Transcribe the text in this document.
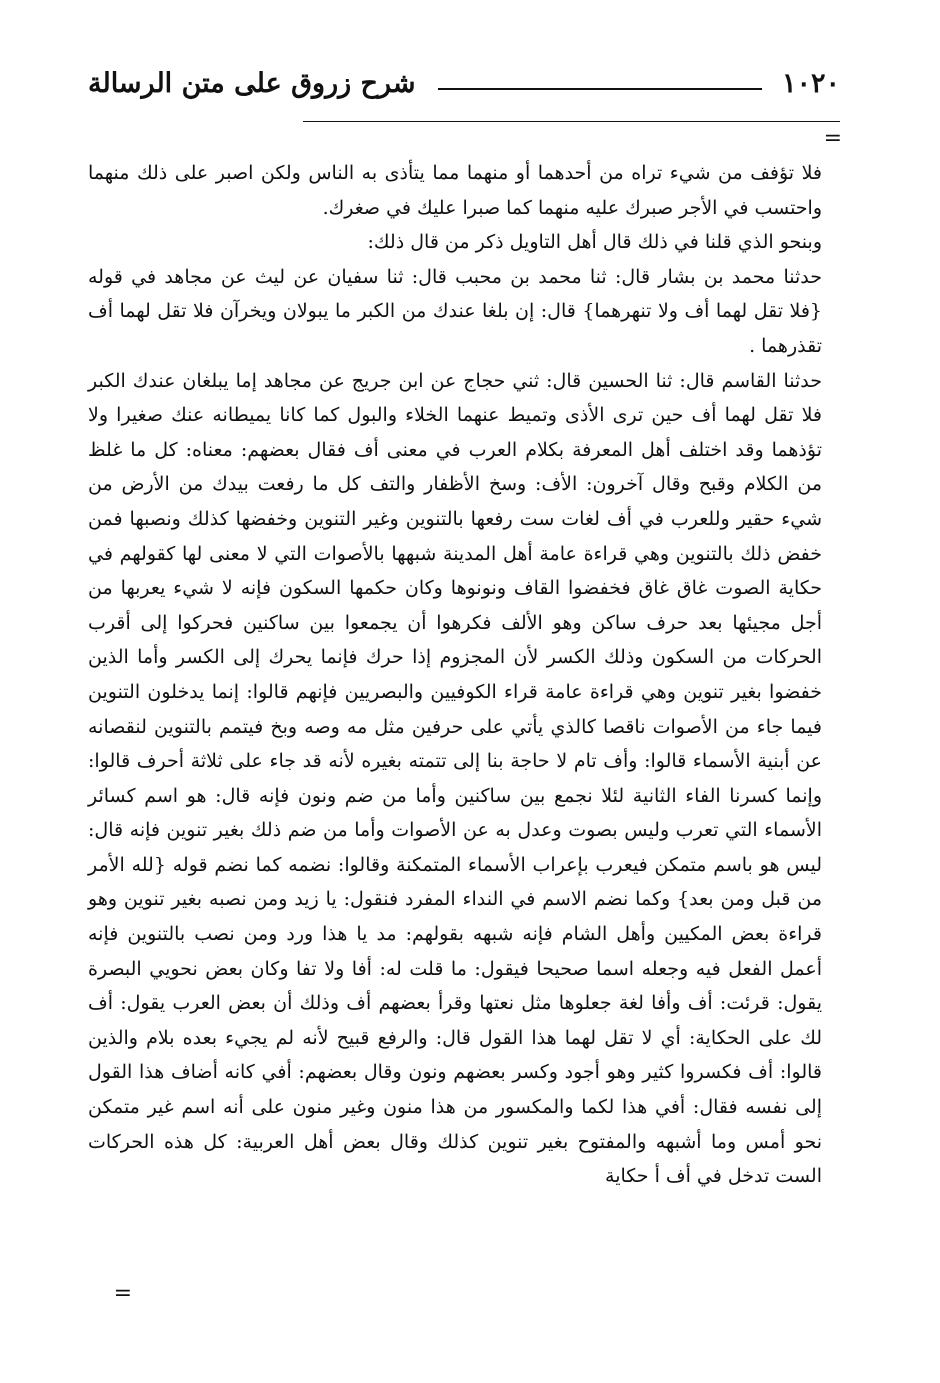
١٠٢٠
شرح زروق على متن الرسالة
=

فلا تؤفف من شيء تراه من أحدهما أو منهما مما يتأذى به الناس ولكن اصبر على ذلك منهما واحتسب في الأجر صبرك عليه منهما كما صبرا عليك في صغرك.

وبنحو الذي قلنا في ذلك قال أهل التاويل ذكر من قال ذلك:

حدثنا محمد بن بشار قال: ثنا محمد بن محبب قال: ثنا سفيان عن ليث عن مجاهد في قوله {فلا تقل لهما أف ولا تنهرهما} قال: إن بلغا عندك من الكبر ما يبولان ويخرآن فلا تقل لهما أف تقذرهما .

حدثنا القاسم قال: ثنا الحسين قال: ثني حجاج عن ابن جريج عن مجاهد إما يبلغان عندك الكبر فلا تقل لهما أف حين ترى الأذى وتميط عنهما الخلاء والبول كما كانا يميطانه عنك صغيرا ولا تؤذهما وقد اختلف أهل المعرفة بكلام العرب في معنى أف فقال بعضهم: معناه: كل ما غلظ من الكلام وقبح وقال آخرون: الأف: وسخ الأظفار والتف كل ما رفعت بيدك من الأرض من شيء حقير وللعرب في أف لغات ست رفعها بالتنوين وغير التنوين وخفضها كذلك ونصبها فمن خفض ذلك بالتنوين وهي قراءة عامة أهل المدينة شبهها بالأصوات التي لا معنى لها كقولهم في حكاية الصوت غاق غاق فخفضوا القاف ونونوها وكان حكمها السكون فإنه لا شيء يعربها من أجل مجيئها بعد حرف ساكن وهو الألف فكرهوا أن يجمعوا بين ساكنين فحركوا إلى أقرب الحركات من السكون وذلك الكسر لأن المجزوم إذا حرك فإنما يحرك إلى الكسر وأما الذين خفضوا بغير تنوين وهي قراءة عامة قراء الكوفيين والبصريين فإنهم قالوا: إنما يدخلون التنوين فيما جاء من الأصوات ناقصا كالذي يأتي على حرفين مثل مه وصه وبخ فيتمم بالتنوين لنقصانه عن أبنية الأسماء قالوا: وأف تام لا حاجة بنا إلى تتمته بغيره لأنه قد جاء على ثلاثة أحرف قالوا: وإنما كسرنا الفاء الثانية لئلا نجمع بين ساكنين وأما من ضم ونون فإنه قال: هو اسم كسائر الأسماء التي تعرب وليس بصوت وعدل به عن الأصوات وأما من ضم ذلك بغير تنوين فإنه قال: ليس هو باسم متمكن فيعرب بإعراب الأسماء المتمكنة وقالوا: نضمه كما نضم قوله {لله الأمر من قبل ومن بعد} وكما نضم الاسم في النداء المفرد فنقول: يا زيد ومن نصبه بغير تنوين وهو قراءة بعض المكيين وأهل الشام فإنه شبهه بقولهم: مد يا هذا ورد ومن نصب بالتنوين فإنه أعمل الفعل فيه وجعله اسما صحيحا فيقول: ما قلت له: أفا ولا تفا وكان بعض نحويي البصرة يقول: قرئت: أف وأفا لغة جعلوها مثل نعتها وقرأ بعضهم أف وذلك أن بعض العرب يقول: أف لك على الحكاية: أي لا تقل لهما هذا القول قال: والرفع قبيح لأنه لم يجيء بعده بلام والذين قالوا: أف فكسروا كثير وهو أجود وكسر بعضهم ونون وقال بعضهم: أفي كانه أضاف هذا القول إلى نفسه فقال: أفي هذا لكما والمكسور من هذا منون وغير منون على أنه اسم غير متمكن نحو أمس وما أشبهه والمفتوح بغير تنوين كذلك وقال بعض أهل العربية: كل هذه الحركات الست تدخل في أف أ حكاية

=
